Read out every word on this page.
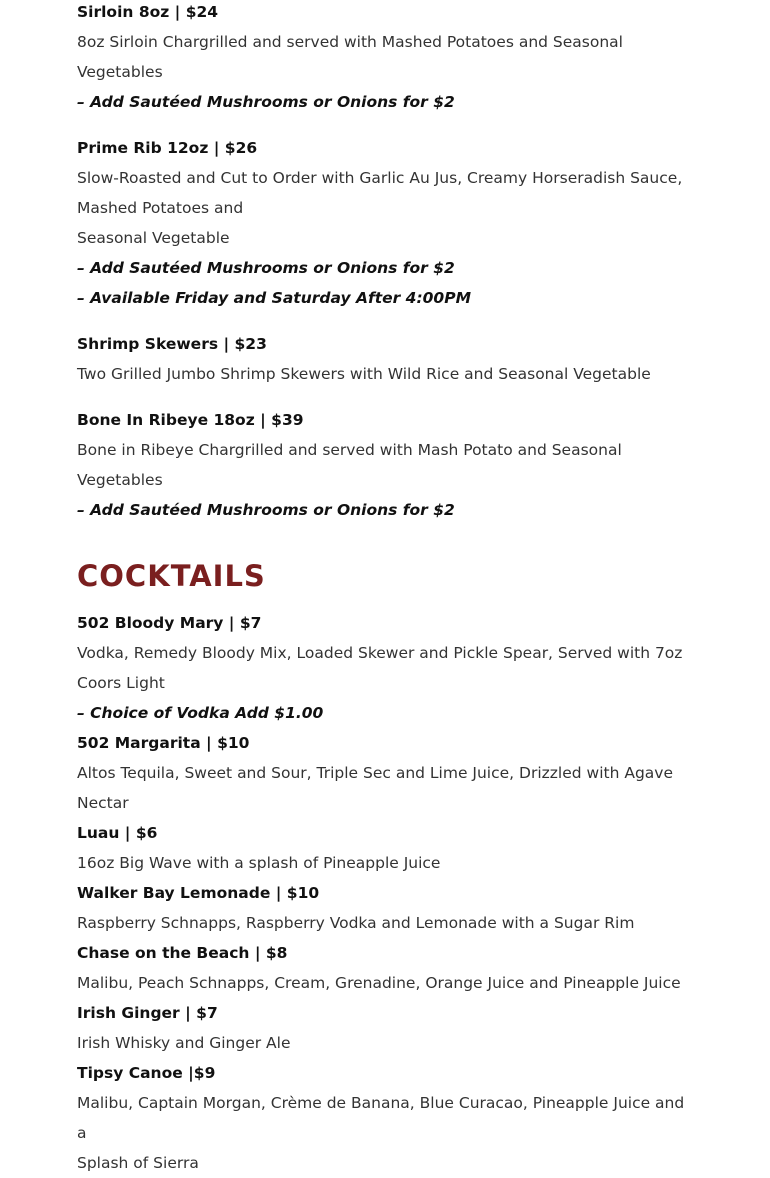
Sirloin 8oz | $24
8oz Sirloin Chargrilled and served with Mashed Potatoes and Seasonal
Vegetables
– Add Sautéed Mushrooms or Onions for $2
Prime Rib 12oz | $26
Slow-Roasted and Cut to Order with Garlic Au Jus, Creamy Horseradish Sauce,
Mashed Potatoes and
Seasonal Vegetable
– Add Sautéed Mushrooms or Onions for $2
– Available Friday and Saturday After 4:00PM
Shrimp Skewers | $23
Two Grilled Jumbo Shrimp Skewers with Wild Rice and Seasonal Vegetable
Bone In Ribeye 18oz | $39
Bone in Ribeye Chargrilled and served with Mash Potato and Seasonal Vegetables
– Add Sautéed Mushrooms or Onions for $2
COCKTAILS
502 Bloody Mary | $7
Vodka, Remedy Bloody Mix, Loaded Skewer and Pickle Spear, Served with 7oz
Coors Light
– Choice of Vodka Add $1.00
502 Margarita | $10
Altos Tequila, Sweet and Sour, Triple Sec and Lime Juice, Drizzled with Agave
Nectar
Luau | $6
16oz Big Wave with a splash of Pineapple Juice
Walker Bay Lemonade | $10
Raspberry Schnapps, Raspberry Vodka and Lemonade with a Sugar Rim
Chase on the Beach | $8
Malibu, Peach Schnapps, Cream, Grenadine, Orange Juice and Pineapple Juice
Irish Ginger | $7
Irish Whisky and Ginger Ale
Tipsy Canoe |$9
Malibu, Captain Morgan, Crème de Banana, Blue Curacao, Pineapple Juice and a
Splash of Sierra
